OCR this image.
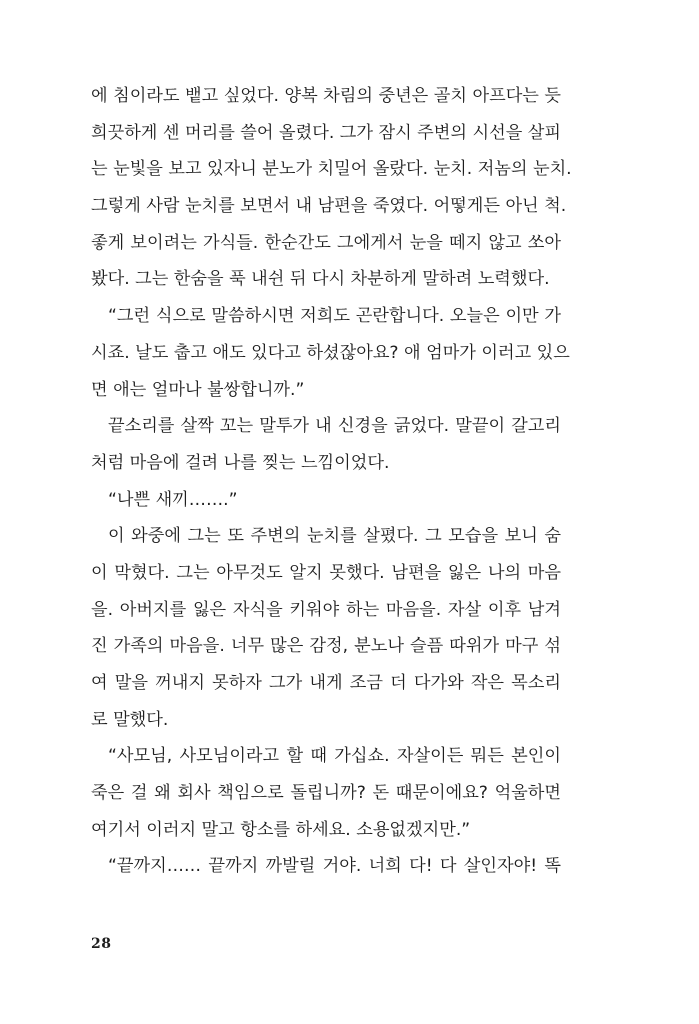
에 침이라도 뱉고 싶었다. 양복 차림의 중년은 골치 아프다는 듯
희끗하게 센 머리를 쓸어 올렸다. 그가 잠시 주변의 시선을 살피
는 눈빛을 보고 있자니 분노가 치밀어 올랐다. 눈치. 저놈의 눈치.
그렇게 사람 눈치를 보면서 내 남편을 죽였다. 어떻게든 아닌 척.
좋게 보이려는 가식들. 한순간도 그에게서 눈을 떼지 않고 쏘아
봤다. 그는 한숨을 푹 내쉰 뒤 다시 차분하게 말하려 노력했다.
“그런 식으로 말씀하시면 저희도 곤란합니다. 오늘은 이만 가
시죠. 날도 춥고 애도 있다고 하셨잖아요? 애 엄마가 이러고 있으
면 애는 얼마나 불쌍합니까.”
끝소리를 살짝 꼬는 말투가 내 신경을 긁었다. 말끝이 갈고리
처럼 마음에 걸려 나를 찢는 느낌이었다.
“나쁜 새끼…….”
이 와중에 그는 또 주변의 눈치를 살폈다. 그 모습을 보니 숨
이 막혔다. 그는 아무것도 알지 못했다. 남편을 잃은 나의 마음
을. 아버지를 잃은 자식을 키워야 하는 마음을. 자살 이후 남겨
진 가족의 마음을. 너무 많은 감정, 분노나 슬픔 따위가 마구 섞
여 말을 꺼내지 못하자 그가 내게 조금 더 다가와 작은 목소리
로 말했다.
“사모님, 사모님이라고 할 때 가십쇼. 자살이든 뭐든 본인이
죽은 걸 왜 회사 책임으로 돌립니까? 돈 때문이에요? 억울하면
여기서 이러지 말고 항소를 하세요. 소용없겠지만.”
“끝까지…… 끝까지 까발릴 거야. 너희 다! 다 살인자야! 똑
28
